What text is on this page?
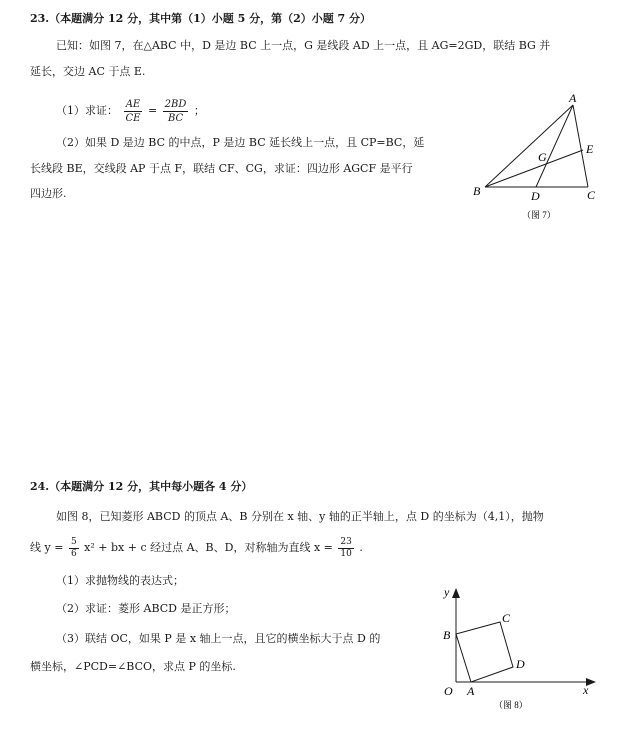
23.（本题满分 12 分，其中第（1）小题 5 分，第（2）小题 7 分）
已知：如图 7，在△ABC 中，D 是边 BC 上一点，G 是线段 AD 上一点，且 AG=2GD，联结 BG 并
延长，交边 AC 于点 E.
（1）求证： $\frac{AE}{CE} = \frac{2BD}{BC}$ ；
（2）如果 D 是边 BC 的中点，P 是边 BC 延长线上一点，且 CP=BC，延
长线段 BE，交线段 AP 于点 F，联结 CF、CG，求证：四边形 AGCF 是平行
四边形.
A
B	C
D
E
G
（图 7）
24.（本题满分 12 分，其中每小题各 4 分）
如图 8，已知菱形 ABCD 的顶点 A、B 分别在 x 轴、y 轴的正半轴上，点 D 的坐标为（4,1），抛物
线 $y = \frac{5}{6} x^2$ + bx + c 经过点 A、B、D，对称轴为直线 $x = \frac{23}{10}$ .
（1）求抛物线的表达式；
（2）求证：菱形 ABCD 是正方形；
（3）联结 OC，如果 P 是 x 轴上一点，且它的横坐标大于点 D 的
横坐标，∠PCD=∠BCO，求点 P 的坐标.
y
x
O A
B
C
D
（图 8）
